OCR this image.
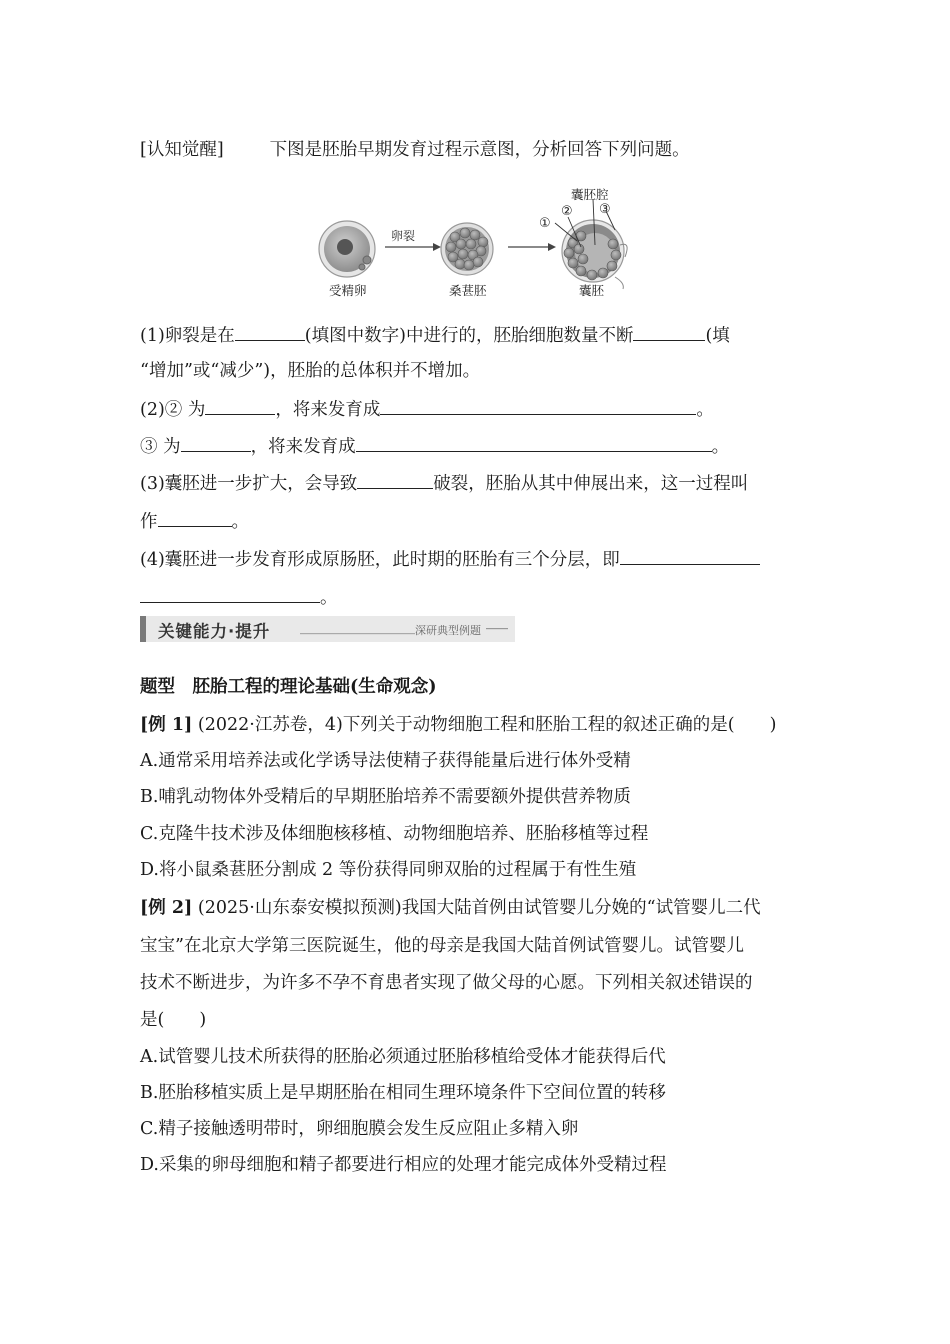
[认知觉醒]	下图是胚胎早期发育过程示意图，分析回答下列问题。
卵裂
囊胚腔
①
② ③
受精卵	桑葚胚	囊胚
(1)卵裂是在	(填图中数字)中进行的，胚胎细胞数量不断	(填
“增加”或“减少”)，胚胎的总体积并不增加。
(2)② 为	，将来发育成	。
③ 为	，将来发育成	。
(3)囊胚进一步扩大，会导致	破裂，胚胎从其中伸展出来，这一过程叫
作	。
(4)囊胚进一步发育形成原肠胚，此时期的胚胎有三个分层，即
。
关键能力·提升	深研典型例题
题型　胚胎工程的理论基础(生命观念)
[例 1] (2022·江苏卷，4)下列关于动物细胞工程和胚胎工程的叙述正确的是(　　)
A.通常采用培养法或化学诱导法使精子获得能量后进行体外受精
B.哺乳动物体外受精后的早期胚胎培养不需要额外提供营养物质
C.克隆牛技术涉及体细胞核移植、动物细胞培养、胚胎移植等过程
D.将小鼠桑葚胚分割成 2 等份获得同卵双胎的过程属于有性生殖
[例 2] (2025·山东泰安模拟预测)我国大陆首例由试管婴儿分娩的“试管婴儿二代
宝宝”在北京大学第三医院诞生，他的母亲是我国大陆首例试管婴儿。试管婴儿
技术不断进步，为许多不孕不育患者实现了做父母的心愿。下列相关叙述错误的
是(　　)
A.试管婴儿技术所获得的胚胎必须通过胚胎移植给受体才能获得后代
B.胚胎移植实质上是早期胚胎在相同生理环境条件下空间位置的转移
C.精子接触透明带时，卵细胞膜会发生反应阻止多精入卵
D.采集的卵母细胞和精子都要进行相应的处理才能完成体外受精过程
